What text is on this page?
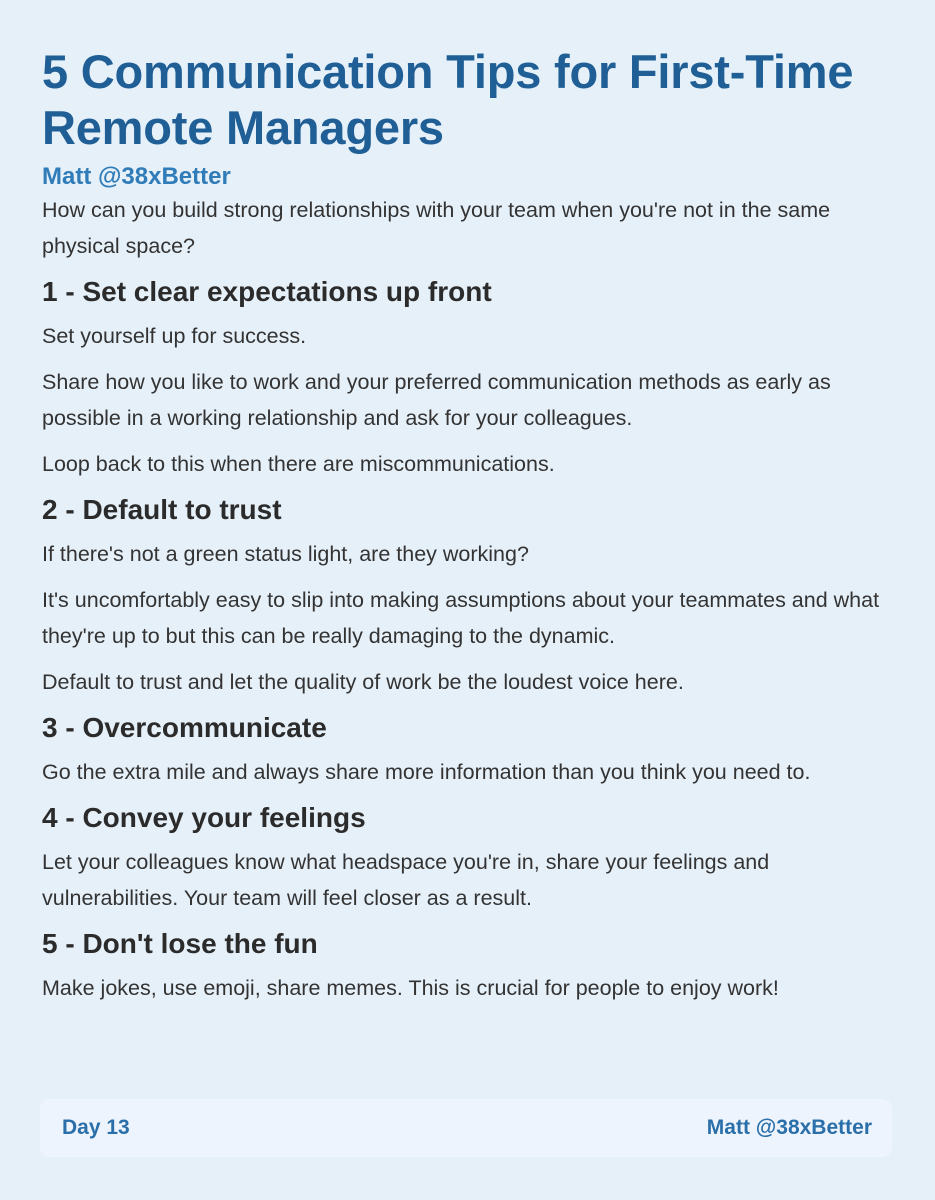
5 Communication Tips for First-Time Remote Managers
Matt @38xBetter

How can you build strong relationships with your team when you're not in the same physical space?

1 - Set clear expectations up front

Set yourself up for success.

Share how you like to work and your preferred communication methods as early as possible in a working relationship and ask for your colleagues.

Loop back to this when there are miscommunications.

2 - Default to trust

If there's not a green status light, are they working?

It's uncomfortably easy to slip into making assumptions about your teammates and what they're up to but this can be really damaging to the dynamic.

Default to trust and let the quality of work be the loudest voice here.

3 - Overcommunicate

Go the extra mile and always share more information than you think you need to.

4 - Convey your feelings

Let your colleagues know what headspace you're in, share your feelings and vulnerabilities. Your team will feel closer as a result.

5 - Don't lose the fun

Make jokes, use emoji, share memes. This is crucial for people to enjoy work!

Day 13	Matt @38xBetter
